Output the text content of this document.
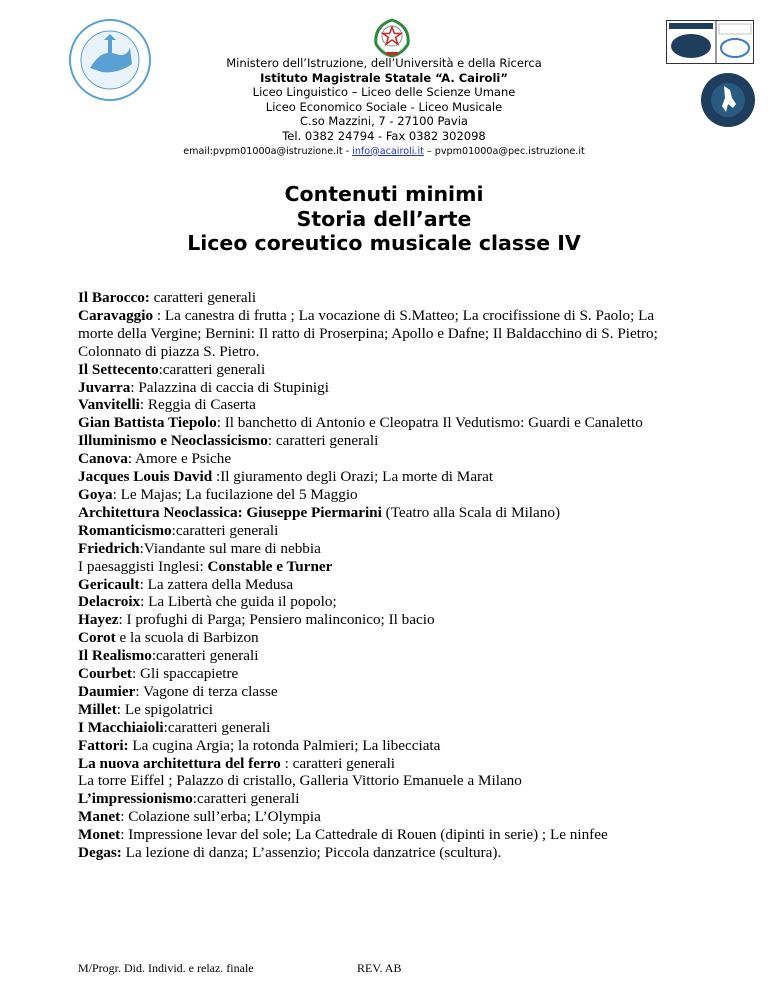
Ministero dell’Istruzione, dell’Università e della Ricerca
Istituto Magistrale Statale “A. Cairoli”
Liceo Linguistico – Liceo delle Scienze Umane
Liceo Economico Sociale - Liceo Musicale
C.so Mazzini, 7 - 27100 Pavia
Tel. 0382 24794 - Fax 0382 302098
email:pvpm01000a@istruzione.it - info@acairoli.it – pvpm01000a@pec.istruzione.it
Contenuti minimi
Storia dell’arte
Liceo coreutico musicale classe IV

Il Barocco: caratteri generali

Caravaggio : La canestra di frutta ; La vocazione di S.Matteo; La crocifissione di S. Paolo; La morte della Vergine; Bernini: Il ratto di Proserpina; Apollo e Dafne; Il Baldacchino di S. Pietro; Colonnato di piazza S. Pietro.

Il Settecento:caratteri generali

Juvarra: Palazzina di caccia di Stupinigi

Vanvitelli: Reggia di Caserta

Gian Battista Tiepolo: Il banchetto di Antonio e Cleopatra Il Vedutismo: Guardi e Canaletto

Illuminismo e Neoclassicismo: caratteri generali

Canova: Amore e Psiche

Jacques Louis David :Il giuramento degli Orazi; La morte di Marat

Goya: Le Majas; La fucilazione del 5 Maggio

Architettura Neoclassica: Giuseppe Piermarini (Teatro alla Scala di Milano)

Romanticismo:caratteri generali

Friedrich:Viandante sul mare di nebbia

I paesaggisti Inglesi: Constable e Turner

Gericault: La zattera della Medusa

Delacroix: La Libertà che guida il popolo;

Hayez: I profughi di Parga; Pensiero malinconico; Il bacio

Corot e la scuola di Barbizon

Il Realismo:caratteri generali

Courbet: Gli spaccapietre

Daumier: Vagone di terza classe

Millet: Le spigolatrici

I Macchiaioli:caratteri generali

Fattori: La cugina Argia; la rotonda Palmieri; La libecciata

La nuova architettura del ferro : caratteri generali

La torre Eiffel ; Palazzo di cristallo, Galleria Vittorio Emanuele a Milano

L’impressionismo:caratteri generali

Manet: Colazione sull’erba; L’Olympia

Monet: Impressione levar del sole; La Cattedrale di Rouen (dipinti in serie) ; Le ninfee

Degas: La lezione di danza; L’assenzio; Piccola danzatrice (scultura).

M/Progr. Did. Individ. e relaz. finale	REV. AB
